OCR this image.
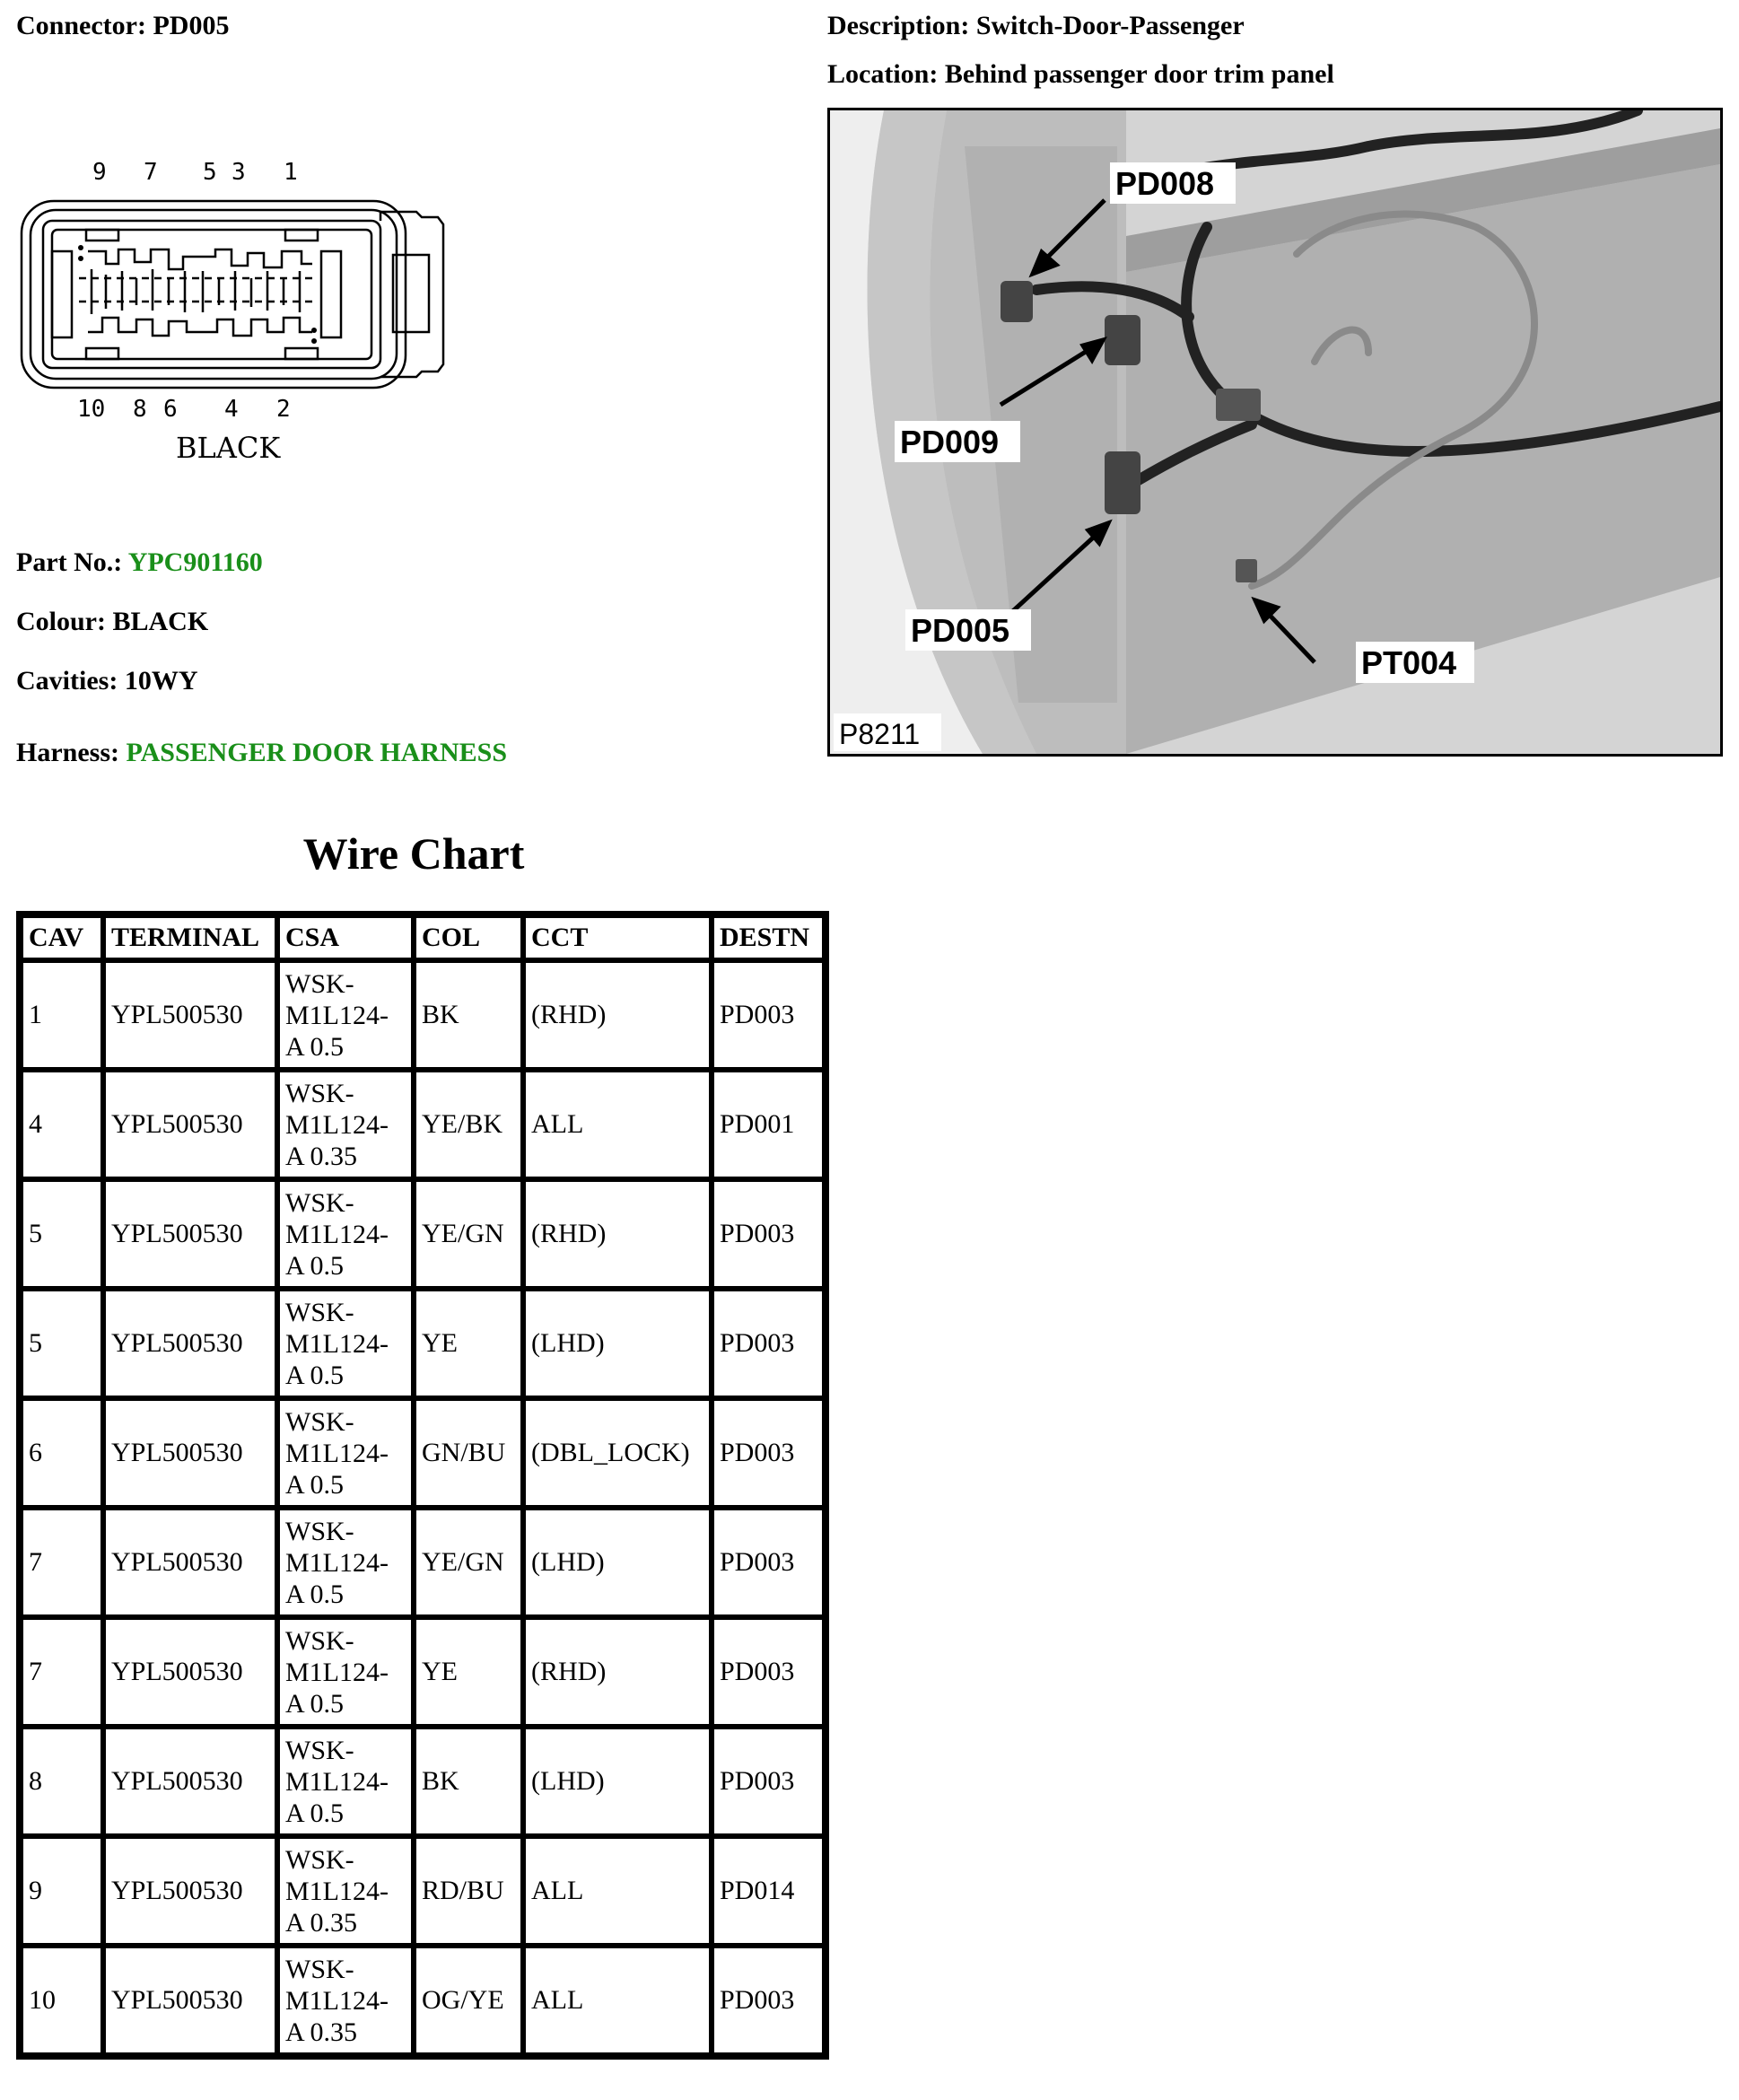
Connector: PD005	Description: Switch-Door-Passenger
Location: Behind passenger door trim panel
9 7 5 3 1
10 8 6 4 2
BLACK
Part No.: YPC901160
Colour: BLACK
Cavities: 10WY
Harness: PASSENGER DOOR HARNESS
PD008
PD009
PD005
PT004
P8211
Wire Chart
CAV	TERMINAL	CSA	COL	CCT	DESTN
1	YPL500530	WSK-
M1L124-
A 0.5	BK	(RHD)	PD003
4	YPL500530	WSK-
M1L124-
A 0.35	YE/BK	ALL	PD001
5	YPL500530	WSK-
M1L124-
A 0.5	YE/GN	(RHD)	PD003
5	YPL500530	WSK-
M1L124-
A 0.5	YE	(LHD)	PD003
6	YPL500530	WSK-
M1L124-
A 0.5	GN/BU	(DBL_LOCK)	PD003
7	YPL500530	WSK-
M1L124-
A 0.5	YE/GN	(LHD)	PD003
7	YPL500530	WSK-
M1L124-
A 0.5	YE	(RHD)	PD003
8	YPL500530	WSK-
M1L124-
A 0.5	BK	(LHD)	PD003
9	YPL500530	WSK-
M1L124-
A 0.35	RD/BU	ALL	PD014
10	YPL500530	WSK-
M1L124-
A 0.35	OG/YE	ALL	PD003
